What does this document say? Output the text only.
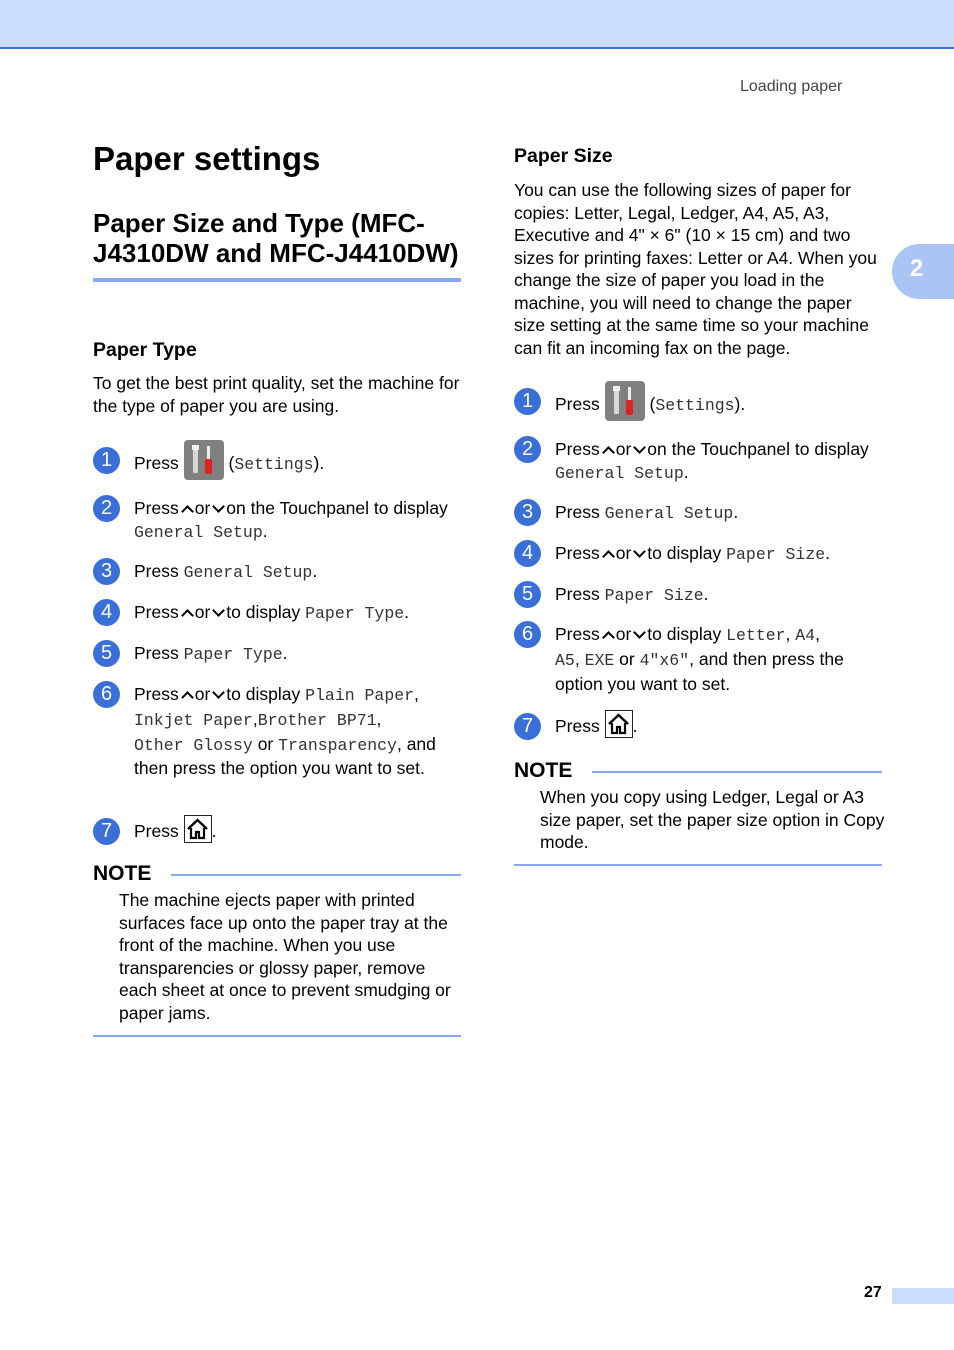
Loading paper
2
Paper settings
Paper Size and Type (MFC-J4310DW and MFC-J4410DW)
Paper Type
To get the best print quality, set the machine for the type of paper you are using.
1	Press	(Settings).
2	Press or on the Touchpanel to display General Setup.
3	Press General Setup.
4	Press or to display Paper Type.
5	Press Paper Type.
6	Press or to display Plain Paper,
Inkjet Paper,Brother BP71,
Other Glossy or Transparency, and then press the option you want to set.
7	Press .
NOTE
The machine ejects paper with printed surfaces face up onto the paper tray at the front of the machine. When you use transparencies or glossy paper, remove each sheet at once to prevent smudging or paper jams.
Paper Size
You can use the following sizes of paper for copies: Letter, Legal, Ledger, A4, A5, A3, Executive and 4" × 6" (10 × 15 cm) and two sizes for printing faxes: Letter or A4. When you change the size of paper you load in the machine, you will need to change the paper size setting at the same time so your machine can fit an incoming fax on the page.
1	Press	(Settings).
2	Press or on the Touchpanel to display General Setup.
3	Press General Setup.
4	Press or to display Paper Size.
5	Press Paper Size.
6	Press or to display Letter, A4,
A5, EXE or 4"x6", and then press the option you want to set.
7	Press .
NOTE
When you copy using Ledger, Legal or A3 size paper, set the paper size option in Copy mode.
27
